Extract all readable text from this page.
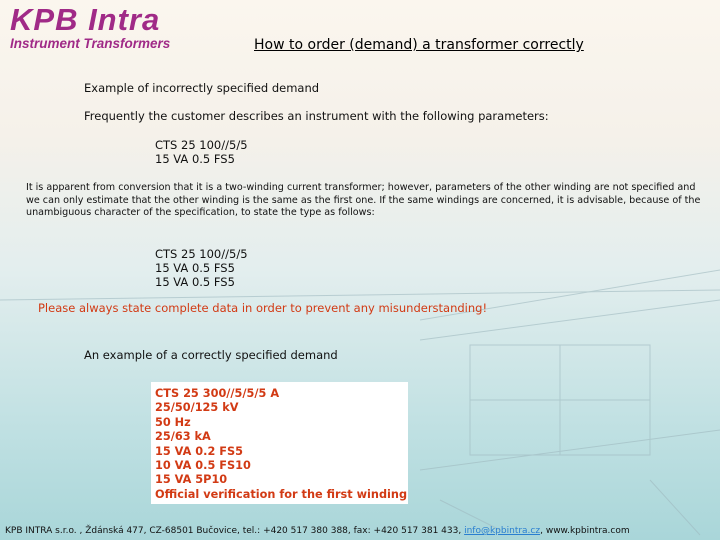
KPB Intra
Instrument Transformers	How to order (demand) a transformer correctly
Example of incorrectly specified demand
Frequently the customer describes an instrument with the following parameters:
CTS 25 100//5/5
15 VA 0.5 FS5
It is apparent from conversion that it is a two-winding current transformer; however, parameters of the other winding are not specified and we can only estimate that the other winding is the same as the first one. If the same windings are concerned, it is advisable, because of the unambiguous character of the specification, to state the type as follows:
CTS 25 100//5/5
15 VA 0.5 FS5
15 VA 0.5 FS5
Please always state complete data in order to prevent any misunderstanding!
An example of a correctly specified demand
CTS 25 300//5/5/5 A
25/50/125 kV
50 Hz
25/63 kA
15 VA 0.2 FS5
10 VA 0.5 FS10
15 VA 5P10
Official verification for the first winding
KPB INTRA s.r.o. , Ždánská 477, CZ-68501 Bučovice, tel.: +420 517 380 388, fax: +420 517 381 433, info@kpbintra.cz, www.kpbintra.com
